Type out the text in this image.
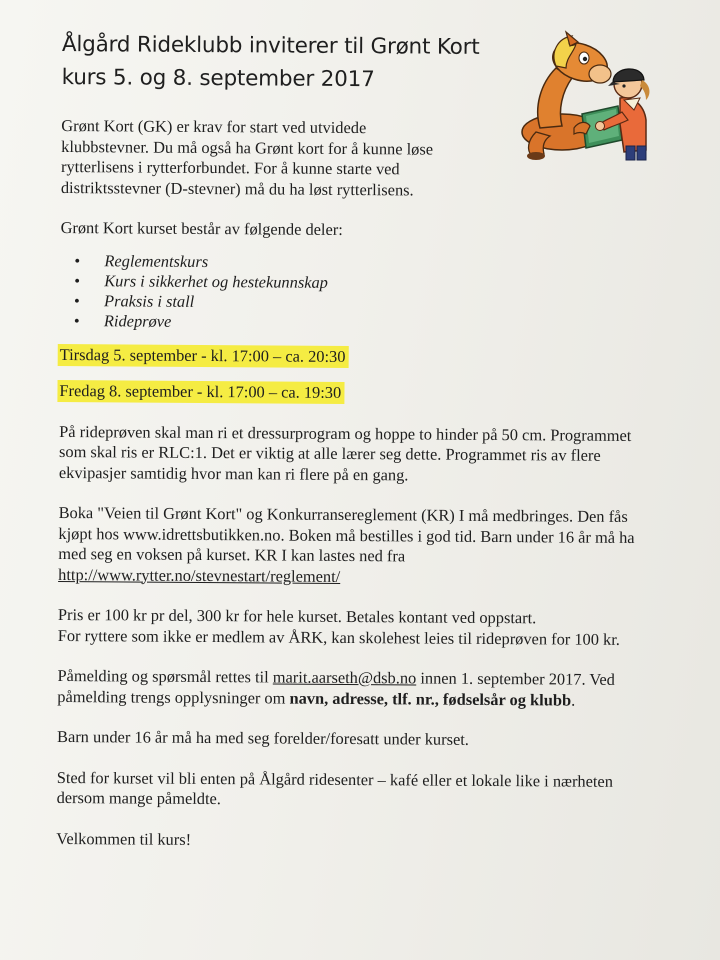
Ålgård Rideklubb inviterer til Grønt Kort
kurs 5. og 8. september 2017

Grønt Kort (GK) er krav for start ved utvidede klubbstevner. Du må også ha Grønt kort for å kunne løse rytterlisens i rytterforbundet. For å kunne starte ved distriktsstevner (D-stevner) må du ha løst rytterlisens.

Grønt Kort kurset består av følgende deler:

• Reglementskurs
• Kurs i sikkerhet og hestekunnskap
• Praksis i stall
• Rideprøve
Tirsdag 5. september - kl. 17:00 – ca. 20:30
Fredag 8. september - kl. 17:00 – ca. 19:30

På rideprøven skal man ri et dressurprogram og hoppe to hinder på 50 cm. Programmet som skal ris er RLC:1. Det er viktig at alle lærer seg dette. Programmet ris av flere ekvipasjer samtidig hvor man kan ri flere på en gang.

Boka "Veien til Grønt Kort" og Konkurransereglement (KR) I må medbringes. Den fås kjøpt hos www.idrettsbutikken.no. Boken må bestilles i god tid. Barn under 16 år må ha med seg en voksen på kurset. KR I kan lastes ned fra http://www.rytter.no/stevnestart/reglement/

Pris er 100 kr pr del, 300 kr for hele kurset. Betales kontant ved oppstart.
For ryttere som ikke er medlem av ÅRK, kan skolehest leies til rideprøven for 100 kr.

Påmelding og spørsmål rettes til marit.aarseth@dsb.no innen 1. september 2017. Ved påmelding trengs opplysninger om navn, adresse, tlf. nr., fødselsår og klubb.

Barn under 16 år må ha med seg forelder/foresatt under kurset.

Sted for kurset vil bli enten på Ålgård ridesenter – kafé eller et lokale like i nærheten dersom mange påmeldte.

Velkommen til kurs!
